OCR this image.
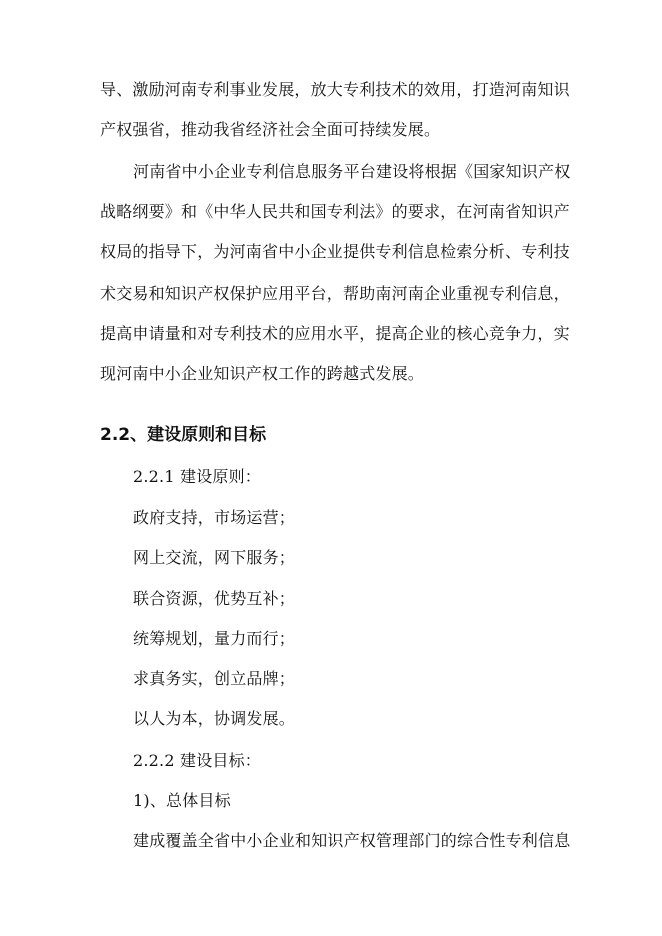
导、激励河南专利事业发展，放大专利技术的效用，打造河南知识
产权强省，推动我省经济社会全面可持续发展。
河南省中小企业专利信息服务平台建设将根据《国家知识产权
战略纲要》和《中华人民共和国专利法》的要求，在河南省知识产
权局的指导下，为河南省中小企业提供专利信息检索分析、专利技
术交易和知识产权保护应用平台，帮助南河南企业重视专利信息，
提高申请量和对专利技术的应用水平，提高企业的核心竞争力，实
现河南中小企业知识产权工作的跨越式发展。
2.2、建设原则和目标
2.2.1 建设原则：
政府支持，市场运营；
网上交流，网下服务；
联合资源，优势互补；
统筹规划，量力而行；
求真务实，创立品牌；
以人为本，协调发展。
2.2.2 建设目标：
1)、总体目标
建成覆盖全省中小企业和知识产权管理部门的综合性专利信息
